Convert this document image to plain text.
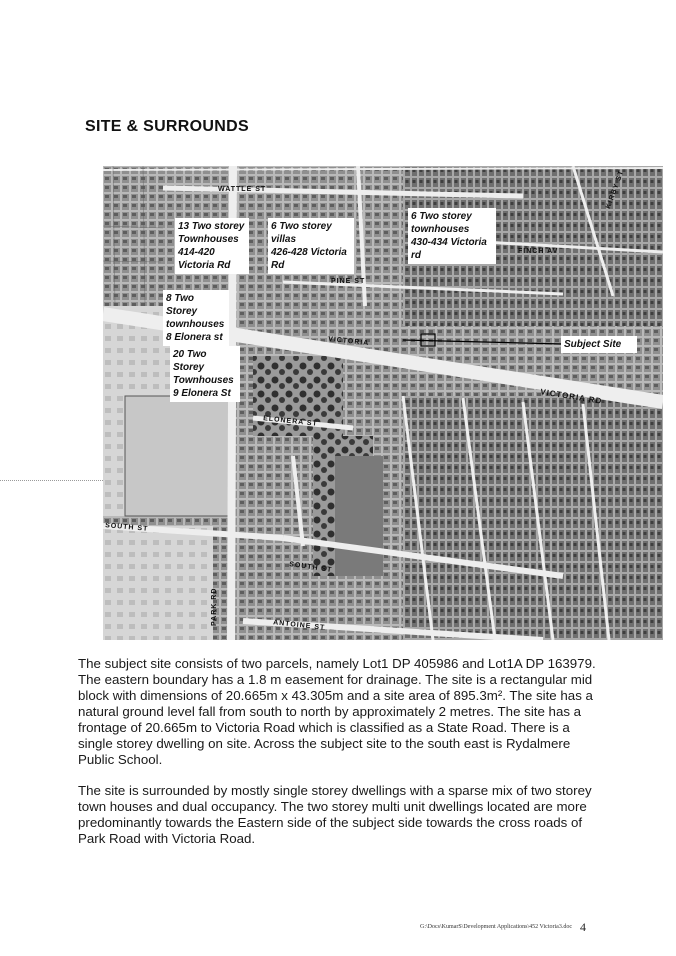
SITE & SURROUNDS
WATTLE ST
VICTORIA RD
VICTORIA
SOUTH ST
SOUTH ST
PARK RD
ELONERA ST
ANTOINE ST
FINCH AV
KIRBY ST
PINE ST
13 Two storey
Townhouses
414-420
Victoria Rd
6 Two storey villas
426-428 Victoria
Rd
6 Two storey
townhouses
430-434 Victoria rd
8 Two Storey
townhouses
8 Elonera st
20 Two Storey
Townhouses
9 Elonera St
Subject Site

The subject site consists of two parcels, namely Lot1 DP 405986 and Lot1A DP 163979. The eastern boundary has a 1.8 m easement for drainage. The site is a rectangular mid block with dimensions of 20.665m x 43.305m and a site area of 895.3m². The site has a natural ground level fall from south to north by approximately 2 metres. The site has a frontage of 20.665m to Victoria Road which is classified as a State Road. There is a single storey dwelling on site. Across the subject site to the south east is Rydalmere Public School.

The site is surrounded by mostly single storey dwellings with a sparse mix of two storey town houses and dual occupancy. The two storey multi unit dwellings located are more predominantly towards the Eastern side of the subject side towards the cross roads of Park Road with Victoria Road.

G:\Docs\KumarS\Development Applications\452 Victoria3.doc 4
